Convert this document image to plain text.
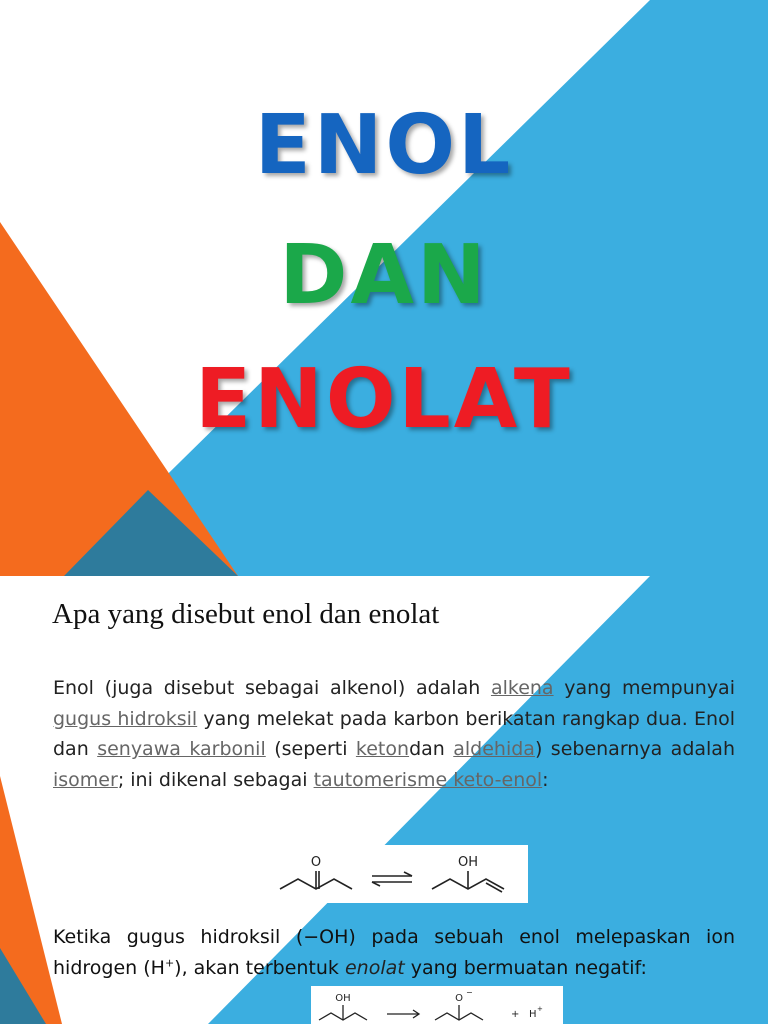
ENOL
DAN
ENOLAT
Apa yang disebut enol dan enolat

Enol (juga disebut sebagai alkenol) adalah alkena yang mempunyai gugus hidroksil yang melekat pada karbon berikatan rangkap dua. Enol dan senyawa karbonil (seperti ketondan aldehida) sebenarnya adalah isomer; ini dikenal sebagai tautomerisme keto-enol:

O	OH

Ketika gugus hidroksil (−OH) pada sebuah enol melepaskan ion hidrogen (H+), akan terbentuk enolat yang bermuatan negatif:

OH	O
−
+ H +
